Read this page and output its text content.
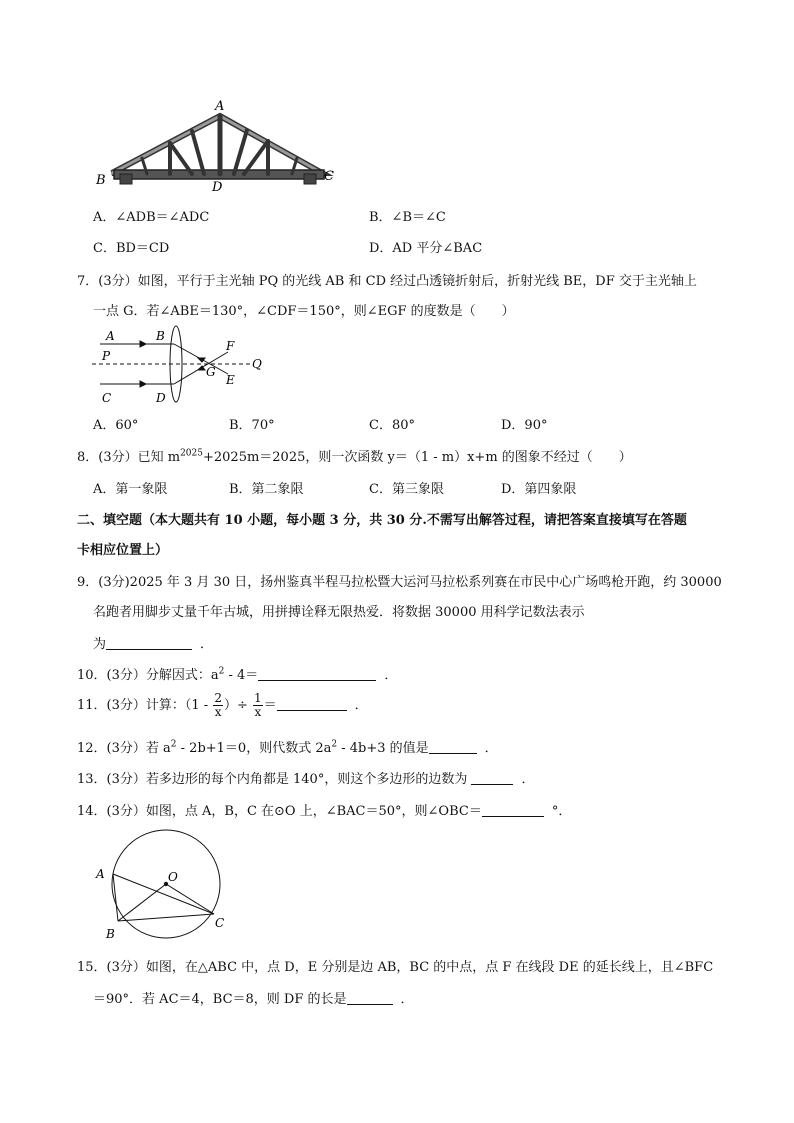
A
B	C
D
A．∠ADB＝∠ADC	B．∠B＝∠C
C．BD＝CD	D．AD 平分∠BAC
7．(3分）如图，平行于主光轴 PQ 的光线 AB 和 CD 经过凸透镜折射后，折射光线 BE，DF 交于主光轴上
一点 G．若∠ABE＝130°，∠CDF＝150°，则∠EGF 的度数是（　　）
A	B
P
C	D
G
F
E
Q
A．60°	B．70°	C．80°	D．90°
8．(3分）已知 $m^{2025}+2025m=2025$，则一次函数 y＝（1 - m）x+m 的图象不经过（　　）
A．第一象限	B．第二象限	C．第三象限	D．第四象限
二、填空题（本大题共有 10 小题，每小题 3 分，共 30 分.不需写出解答过程，请把答案直接填写在答题
卡相应位置上）
9．(3分)2025 年 3 月 30 日，扬州鉴真半程马拉松暨大运河马拉松系列赛在市民中心广场鸣枪开跑，约 30000
名跑者用脚步丈量千年古城，用拼搏诠释无限热爱．将数据 30000 用科学记数法表示
为	．
10．(3分）分解因式：$a^2 - 4=$	．
11．(3分）计算：（$1 - \frac{2}{x}$ ）÷ $\frac{1}{x}$ ＝	．
12．(3分）若 $a^2 - 2b+1=0$，则代数式 $2a^2 - 4b+3$ 的值是	．
13．(3分）若多边形的每个内角都是 140°，则这个多边形的边数为	．
14．(3分）如图，点 A，B，C 在⊙O 上，∠BAC＝50°，则∠OBC＝	°．
A	O
B
C
15．(3分）如图，在△ABC 中，点 D，E 分别是边 AB，BC 的中点，点 F 在线段 DE 的延长线上，且∠BFC
＝90°．若 AC＝4，BC＝8，则 DF 的长是	．
